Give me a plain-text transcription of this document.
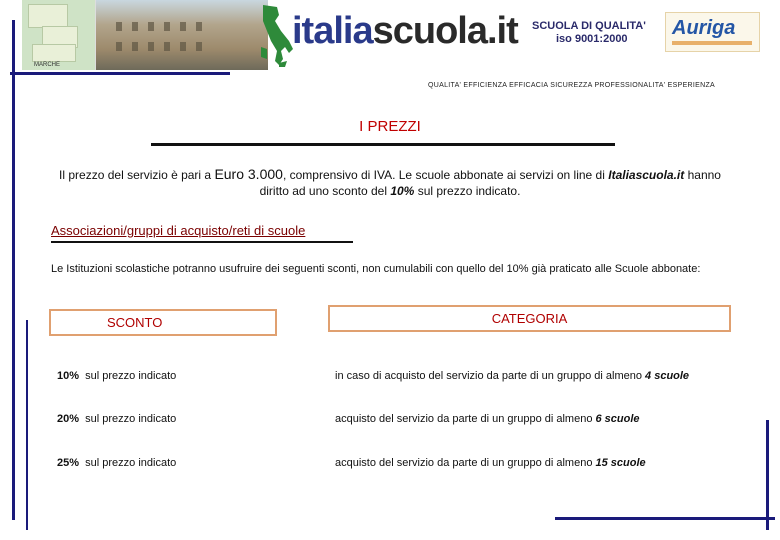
MARCHE
italiascuola.it SCUOLA DI QUALITA'
iso 9001:2000	Auriga
QUALITA' EFFICIENZA EFFICACIA SICUREZZA PROFESSIONALITA' ESPERIENZA
I PREZZI
Il prezzo del servizio è pari a Euro 3.000, comprensivo di IVA. Le scuole abbonate ai servizi on line di Italiascuola.it hanno
diritto ad uno sconto del 10% sul prezzo indicato.
Associazioni/gruppi di acquisto/reti di scuole
Le Istituzioni scolastiche potranno usufruire dei seguenti sconti, non cumulabili con quello del 10% già praticato alle Scuole abbonate:
SCONTO	CATEGORIA
10% sul prezzo indicato	in caso di acquisto del servizio da parte di un gruppo di almeno 4 scuole
20% sul prezzo indicato	acquisto del servizio da parte di un gruppo di almeno 6 scuole
25% sul prezzo indicato	acquisto del servizio da parte di un gruppo di almeno 15 scuole
